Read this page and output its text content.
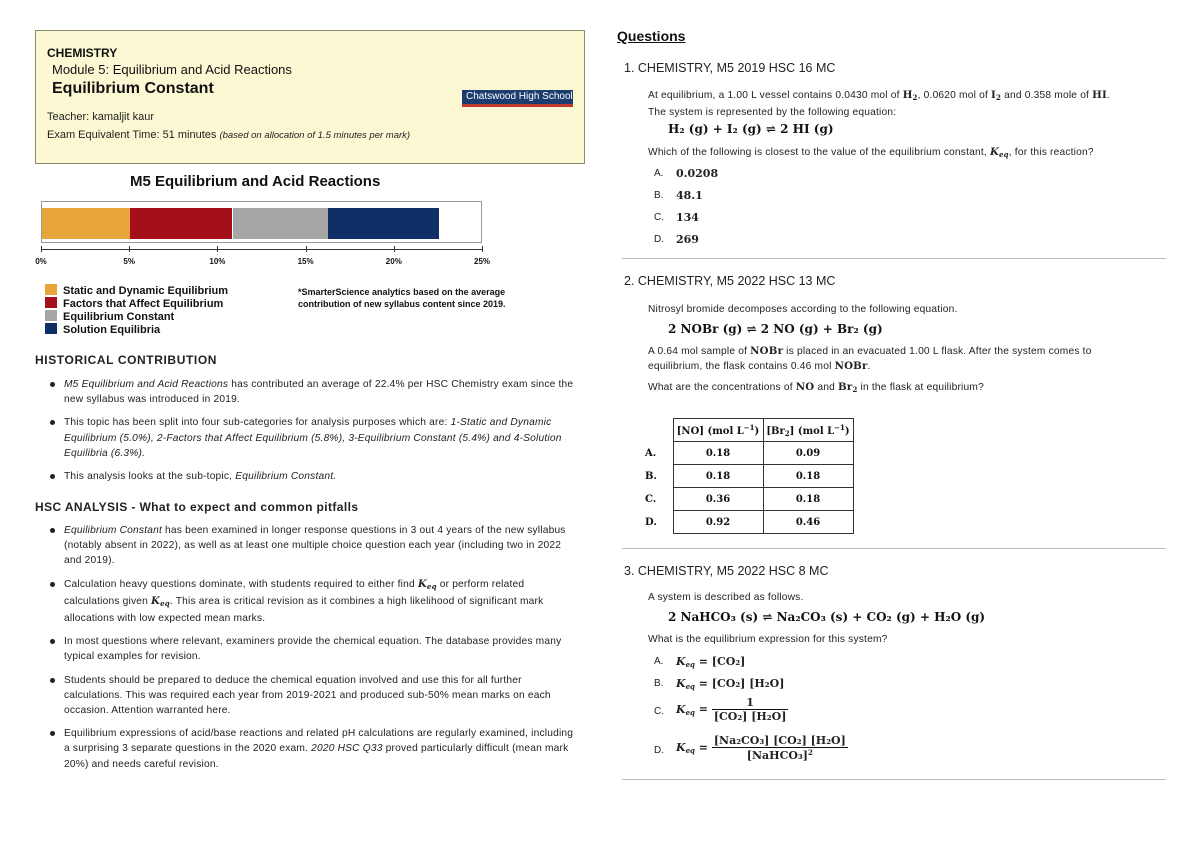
CHEMISTRY
Module 5: Equilibrium and Acid Reactions
Equilibrium Constant
Teacher: kamaljit kaur
Exam Equivalent Time: 51 minutes (based on allocation of 1.5 minutes per mark)
Chatswood High School
M5 Equilibrium and Acid Reactions
0%	5%	10%	15%	20%	25%
Static and Dynamic Equilibrium
Factors that Affect Equilibrium
Equilibrium Constant
Solution Equilibria
*SmarterScience analytics based on the average contribution of new syllabus content since 2019.
HISTORICAL CONTRIBUTION
M5 Equilibrium and Acid Reactions has contributed an average of 22.4% per HSC Chemistry exam since the new syllabus was introduced in 2019.
This topic has been split into four sub-categories for analysis purposes which are: 1-Static and Dynamic Equilibrium (5.0%), 2-Factors that Affect Equilibrium (5.8%), 3-Equilibrium Constant (5.4%) and 4-Solution Equilibria (6.3%).
This analysis looks at the sub-topic, Equilibrium Constant.
HSC ANALYSIS - What to expect and common pitfalls
Equilibrium Constant has been examined in longer response questions in 3 out 4 years of the new syllabus (notably absent in 2022), as well as at least one multiple choice question each year (including two in 2022 and 2019).
Calculation heavy questions dominate, with students required to either find $K_{eq}$ or perform related calculations given $K_{eq}$. This area is critical revision as it combines a high likelihood of significant mark allocations with low expected mean marks.
In most questions where relevant, examiners provide the chemical equation. The database provides many typical examples for revision.
Students should be prepared to deduce the chemical equation involved and use this for all further calculations. This was required each year from 2019-2021 and produced sub-50% mean marks on each occasion. Attention warranted here.
Equilibrium expressions of acid/base reactions and related pH calculations are regularly examined, including a surprising 3 separate questions in the 2020 exam. 2020 HSC Q33 proved particularly difficult (mean mark 20%) and needs careful revision.
Questions
1. CHEMISTRY, M5 2019 HSC 16 MC
At equilibrium, a 1.00 L vessel contains 0.0430 mol of $H_2$, 0.0620 mol of $I_2$ and 0.358 mole of HI.
The system is represented by the following equation:
H₂ (g) + I₂ (g) ⇌ 2 HI (g)
Which of the following is closest to the value of the equilibrium constant, $K_{eq}$, for this reaction?
A. 0.0208
B. 48.1
C. 134
D. 269
2. CHEMISTRY, M5 2022 HSC 13 MC
Nitrosyl bromide decomposes according to the following equation.
2 NOBr (g) ⇌ 2 NO (g) + Br₂ (g)
A 0.64 mol sample of NOBr is placed in an evacuated 1.00 L flask. After the system comes to equilibrium, the flask contains 0.46 mol NOBr.
What are the concentrations of NO and $Br_2$ in the flask at equilibrium?
	[NO] (mol $L^{-1}$)	$[Br_2]$ (mol $L^{-1}$)
A.	0.18	0.09
B.	0.18	0.18
C.	0.36	0.18
D.	0.92	0.46
3. CHEMISTRY, M5 2022 HSC 8 MC
A system is described as follows.
2 NaHCO₃ (s) ⇌ Na₂CO₃ (s) + CO₂ (g) + H₂O (g)
What is the equilibrium expression for this system?
A. $K_{eq} = [CO_2]$
B. $K_{eq} = [CO_2]$ [H₂O]
C. $K_{eq} = \frac{1}{\text{[CO₂] [H₂O]}}$
D. $K_{eq} = \frac{\text{[Na₂CO₃] [CO₂] [H₂O]}}{[NaHCO_3]^2}$
